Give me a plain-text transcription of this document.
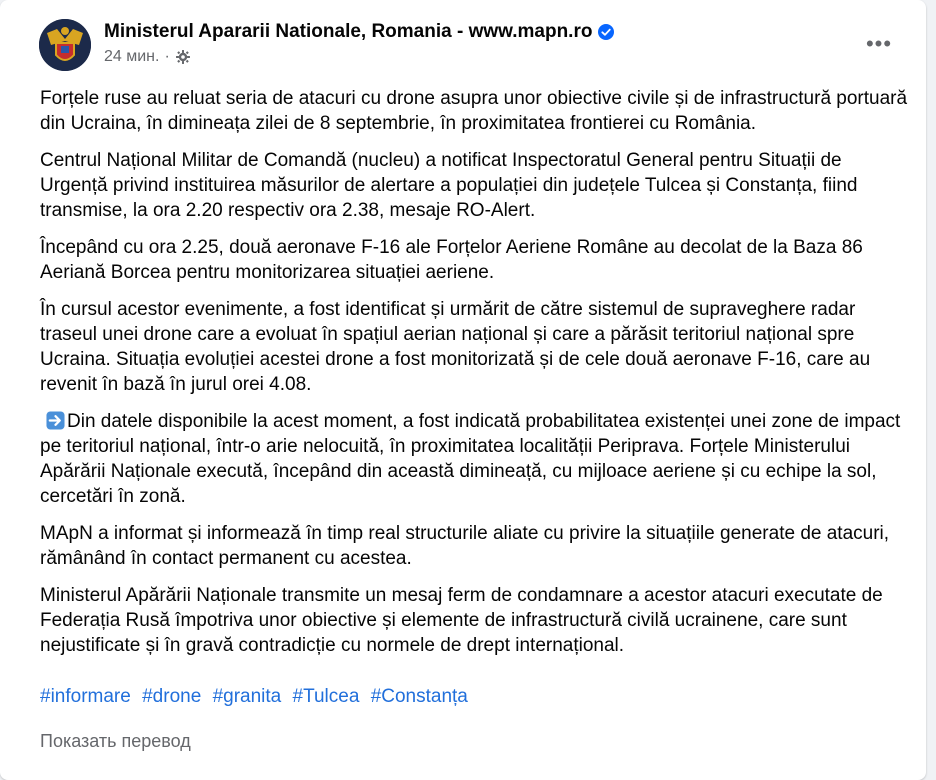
Ministerul Apararii Nationale, Romania - www.mapn.ro
24 мин. ·
•••

Forțele ruse au reluat seria de atacuri cu drone asupra unor obiective civile și de infrastructură portuară din Ucraina, în dimineața zilei de 8 septembrie, în proximitatea frontierei cu România.

Centrul Național Militar de Comandă (nucleu) a notificat Inspectoratul General pentru Situații de Urgență privind instituirea măsurilor de alertare a populației din județele Tulcea și Constanța, fiind transmise, la ora 2.20 respectiv ora 2.38, mesaje RO-Alert.

Începând cu ora 2.25, două aeronave F-16 ale Forțelor Aeriene Române au decolat de la Baza 86 Aeriană Borcea pentru monitorizarea situației aeriene.

În cursul acestor evenimente, a fost identificat și urmărit de către sistemul de supraveghere radar traseul unei drone care a evoluat în spațiul aerian național și care a părăsit teritoriul național spre Ucraina. Situația evoluției acestei drone a fost monitorizată și de cele două aeronave F-16, care au revenit în bază în jurul orei 4.08.

Din datele disponibile la acest moment, a fost indicată probabilitatea existenței unei zone de impact pe teritoriul național, într-o arie nelocuită, în proximitatea localității Periprava. Forțele Ministerului Apărării Naționale execută, începând din această dimineață, cu mijloace aeriene și cu echipe la sol, cercetări în zonă.

MApN a informat și informează în timp real structurile aliate cu privire la situațiile generate de atacuri, rămânând în contact permanent cu acestea.

Ministerul Apărării Naționale transmite un mesaj ferm de condamnare a acestor atacuri executate de Federația Rusă împotriva unor obiective și elemente de infrastructură civilă ucrainene, care sunt nejustificate și în gravă contradicție cu normele de drept internațional.

#informare #drone #granita #Tulcea #Constanța
Показать перевод
